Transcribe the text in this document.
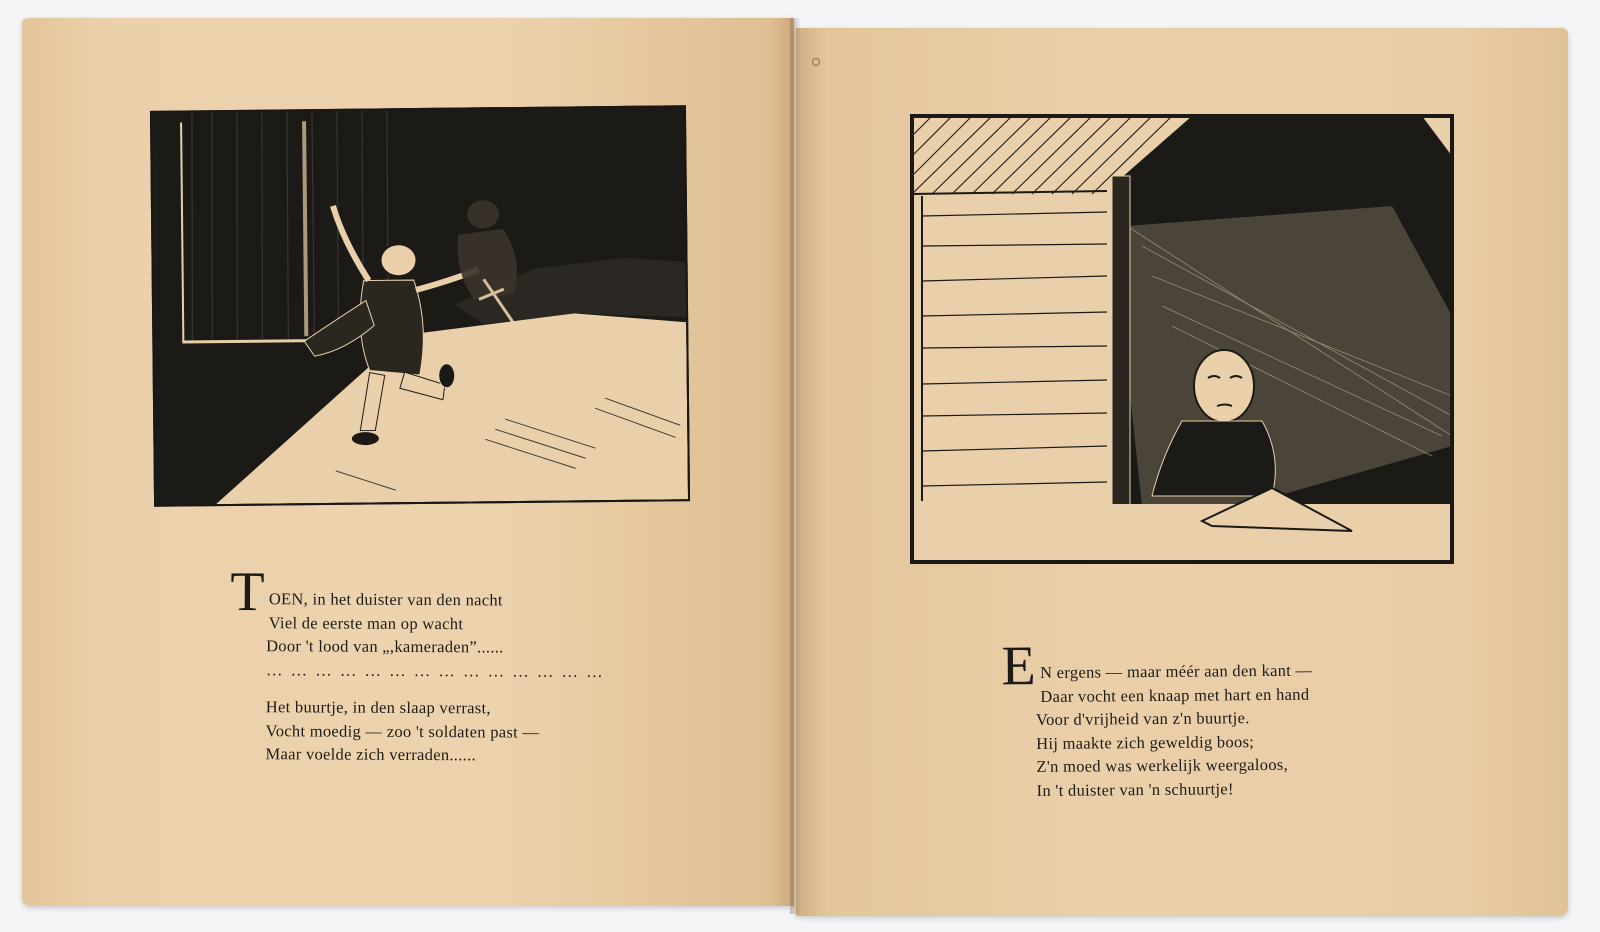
T OEN, in het duister van den nacht
Viel de eerste man op wacht
Door 't lood van „,kameraden”......
… … … … … … … … … … … … … …
Het buurtje, in den slaap verrast,
Vocht moedig — zoo 't soldaten past —
Maar voelde zich verraden......
E N ergens — maar méér aan den kant —
Daar vocht een knaap met hart en hand
Voor d'vrijheid van z'n buurtje.
Hij maakte zich geweldig boos;
Z'n moed was werkelijk weergaloos,
In 't duister van 'n schuurtje!
